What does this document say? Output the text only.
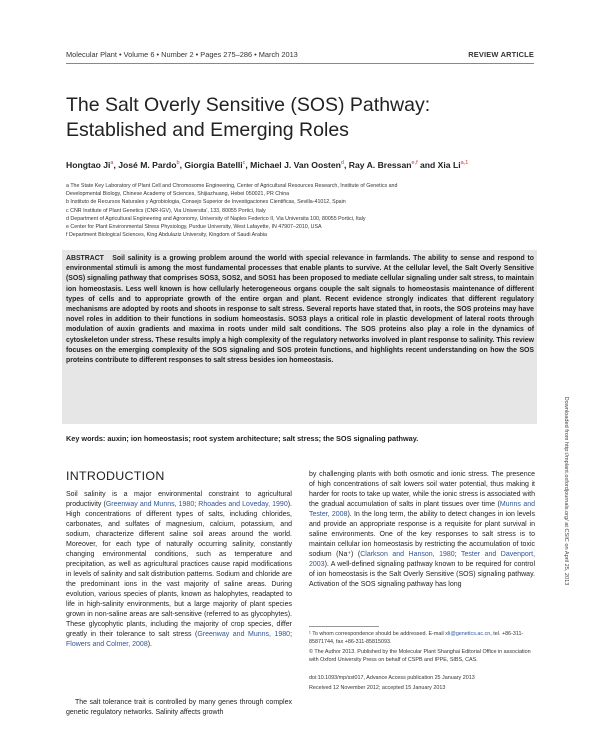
Molecular Plant • Volume 6 • Number 2 • Pages 275–286 • March 2013	REVIEW ARTICLE
The Salt Overly Sensitive (SOS) Pathway:
Established and Emerging Roles
Hongtao Ji$^a$, José M. Pardo$^b$, Giorgia Batelli$^c$, Michael J. Van Oosten$^d$, Ray A. Bressan$^{e,f}$ and Xia Li$^{a,1}$
a The State Key Laboratory of Plant Cell and Chromosome Engineering, Center of Agricultural Resources Research, Institute of Genetics and
Developmental Biology, Chinese Academy of Sciences, Shijiazhuang, Hebei 050021, PR China
b Instituto de Recursos Naturales y Agrobiologia, Consejo Superior de Investigaciones Cientificas, Sevilla-41012, Spain
c CNR Institute of Plant Genetics (CNR-IGV), Via Universita', 133, 80055 Portici, Italy
d Department of Agricultural Engineering and Agronomy, University of Naples Federico II, Via Universita 100, 80055 Portici, Italy
e Center for Plant Environmental Stress Physiology, Purdue University, West Lafayette, IN 47907–2010, USA
f Department Biological Sciences, King Abdulaziz University, Kingdom of Saudi Arabia

ABSTRACT Soil salinity is a growing problem around the world with special relevance in farmlands. The ability to sense and respond to environmental stimuli is among the most fundamental processes that enable plants to survive. At the cellular level, the Salt Overly Sensitive (SOS) signaling pathway that comprises SOS3, SOS2, and SOS1 has been proposed to mediate cellular signaling under salt stress, to maintain ion homeostasis. Less well known is how cellularly heterogeneous organs couple the salt signals to homeostasis maintenance of different types of cells and to appropriate growth of the entire organ and plant. Recent evidence strongly indicates that different regulatory mechanisms are adopted by roots and shoots in response to salt stress. Several reports have stated that, in roots, the SOS proteins may have novel roles in addition to their functions in sodium homeostasis. SOS3 plays a critical role in plastic development of lateral roots through modulation of auxin gradients and maxima in roots under mild salt conditions. The SOS proteins also play a role in the dynamics of cytoskeleton under stress. These results imply a high complexity of the regulatory networks involved in plant response to salinity. This review focuses on the emerging complexity of the SOS signaling and SOS protein functions, and highlights recent understanding on how the SOS proteins contribute to different responses to salt stress besides ion homeostasis.

Key words: auxin; ion homeostasis; root system architecture; salt stress; the SOS signaling pathway.	Downloaded from http://mplant.oxfordjournals.org/ at CSIC on April 25, 2013
INTRODUCTION

Soil salinity is a major environmental constraint to agricultural productivity (Greenway and Munns, 1980; Rhoades and Loveday, 1990). High concentrations of different types of salts, including chlorides, carbonates, and sulfates of magnesium, calcium, potassium, and sodium, characterize different saline soil areas around the world. Moreover, for each type of naturally occurring salinity, constantly changing environmental conditions, such as temperature and precipitation, as well as agricultural practices cause rapid modifications in levels of salinity and salt distribution patterns. Sodium and chloride are the predominant ions in the vast majority of saline areas. During evolution, various species of plants, known as halophytes, readapted to life in high-salinity environments, but a large majority of plant species grown in non-saline areas are salt-sensitive (referred to as glycophytes). These glycophytic plants, including the majority of crop species, differ greatly in their tolerance to salt stress (Greenway and Munns, 1980; Flowers and Colmer, 2008).

The salt tolerance trait is controlled by many genes through complex genetic regulatory networks. Salinity affects growth

by challenging plants with both osmotic and ionic stress. The presence of high concentrations of salt lowers soil water potential, thus making it harder for roots to take up water, while the ionic stress is associated with the gradual accumulation of salts in plant tissues over time (Munns and Tester, 2008). In the long term, the ability to detect changes in ion levels and provide an appropriate response is a requisite for plant survival in saline environments. One of the key responses to salt stress is to maintain cellular ion homeostasis by restricting the accumulation of toxic sodium (Na⁺) (Clarkson and Hanson, 1980; Tester and Davenport, 2003). A well-defined signaling pathway known to be required for control of ion homeostasis is the Salt Overly Sensitive (SOS) signaling pathway. Activation of the SOS signaling pathway has long

¹ To whom correspondence should be addressed. E-mail xli@genetics.ac.cn, tel. +86-311-85871744, fax +86-311-85815093.

© The Author 2013. Published by the Molecular Plant Shanghai Editorial Office in association with Oxford University Press on behalf of CSPB and IPPE, SIBS, CAS.

doi:10.1093/mp/sst017, Advance Access publication 25 January 2013

Received 12 November 2012; accepted 15 January 2013
